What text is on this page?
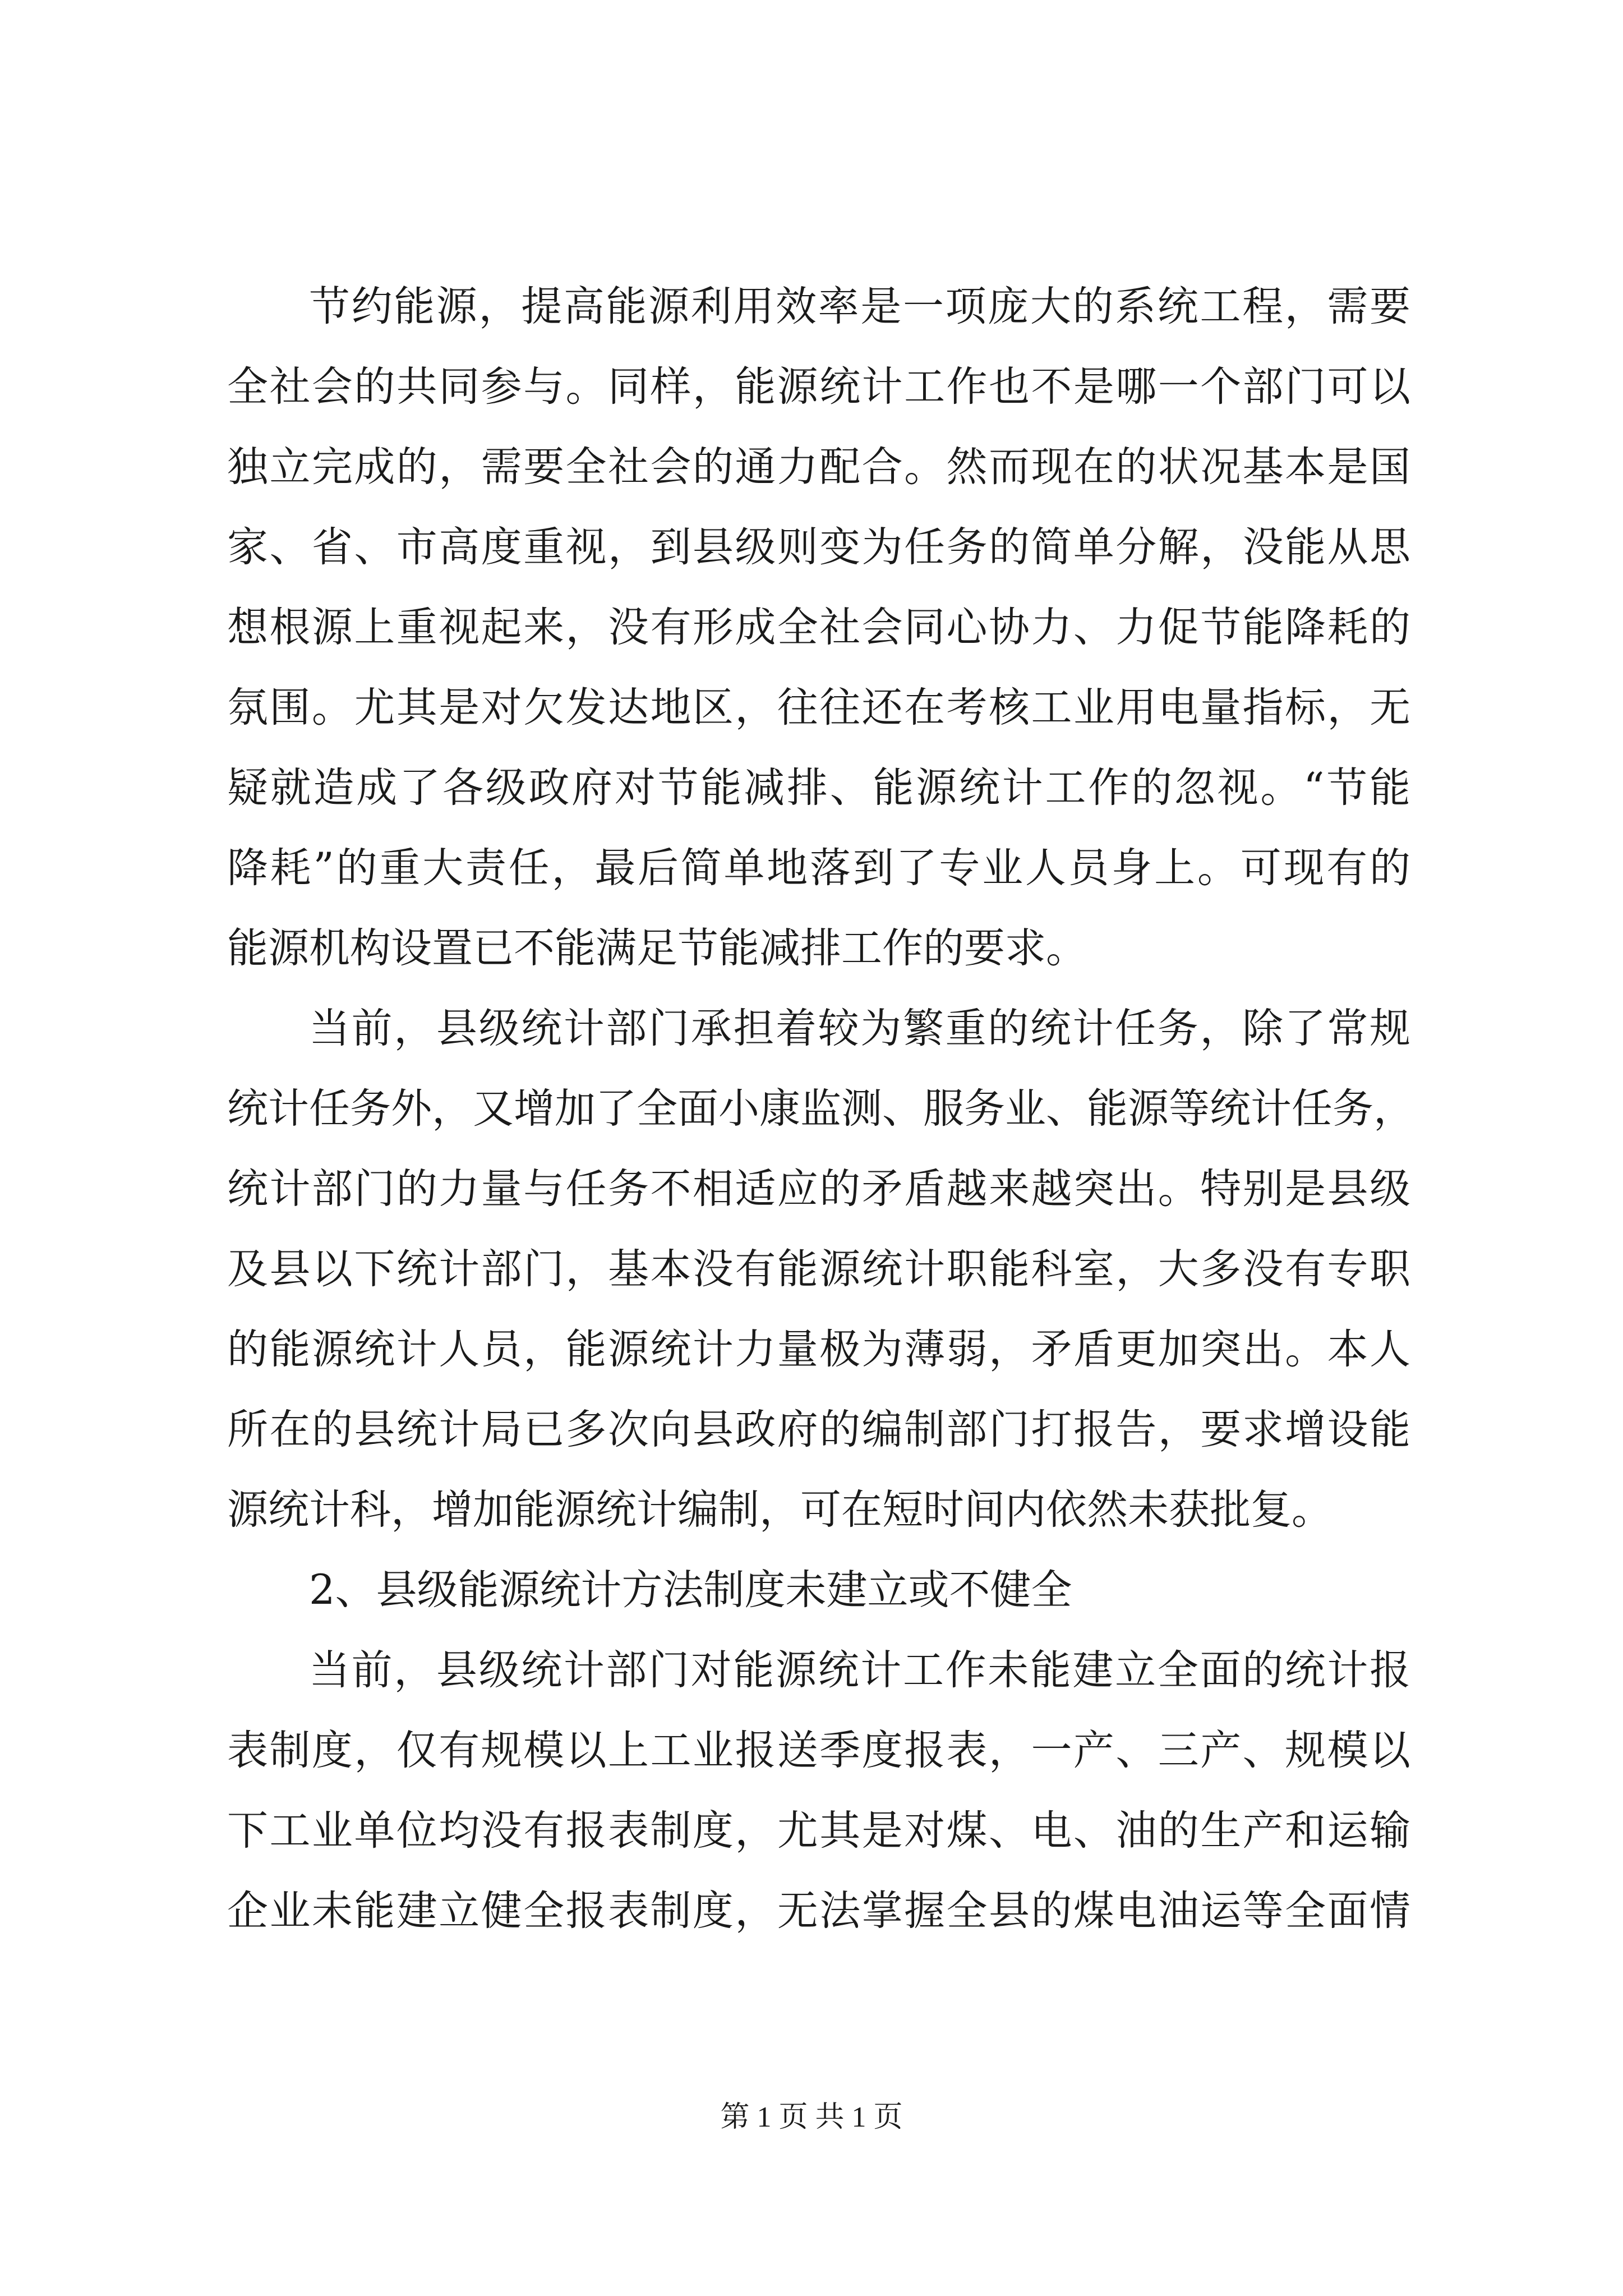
节约能源，提高能源利用效率是一项庞大的系统工程，需要
全社会的共同参与。同样，能源统计工作也不是哪一个部门可以
独立完成的，需要全社会的通力配合。然而现在的状况基本是国
家、省、市高度重视，到县级则变为任务的简单分解，没能从思
想根源上重视起来，没有形成全社会同心协力、力促节能降耗的
氛围。尤其是对欠发达地区，往往还在考核工业用电量指标，无
疑就造成了各级政府对节能减排、能源统计工作的忽视。“节能
降耗”的重大责任，最后简单地落到了专业人员身上。可现有的
能源机构设置已不能满足节能减排工作的要求。
当前，县级统计部门承担着较为繁重的统计任务，除了常规
统计任务外，又增加了全面小康监测、服务业、能源等统计任务，
统计部门的力量与任务不相适应的矛盾越来越突出。特别是县级
及县以下统计部门，基本没有能源统计职能科室，大多没有专职
的能源统计人员，能源统计力量极为薄弱，矛盾更加突出。本人
所在的县统计局已多次向县政府的编制部门打报告，要求增设能
源统计科，增加能源统计编制，可在短时间内依然未获批复。
2、县级能源统计方法制度未建立或不健全
当前，县级统计部门对能源统计工作未能建立全面的统计报
表制度，仅有规模以上工业报送季度报表，一产、三产、规模以
下工业单位均没有报表制度，尤其是对煤、电、油的生产和运输
企业未能建立健全报表制度，无法掌握全县的煤电油运等全面情
第 1 页 共 1 页
